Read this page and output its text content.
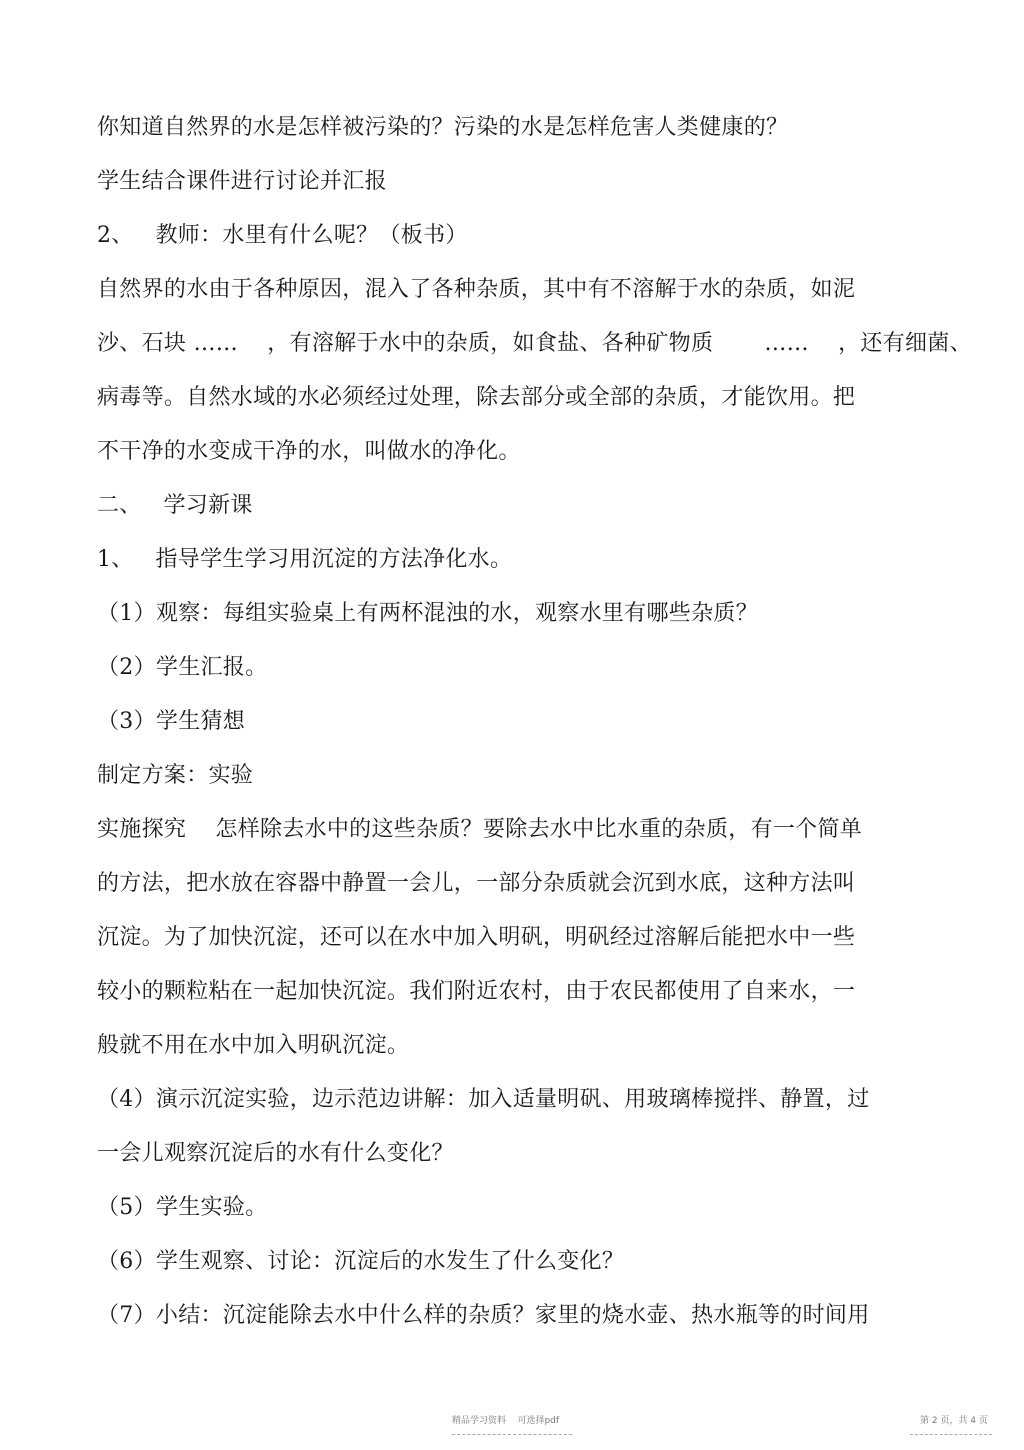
你知道自然界的水是怎样被污染的？污染的水是怎样危害人类健康的？
学生结合课件进行讨论并汇报
2、   教师：水里有什么呢？（板书）
自然界的水由于各种原因，混入了各种杂质，其中有不溶解于水的杂质，如泥
沙、石块 ……    ，有溶解于水中的杂质，如食盐、各种矿物质       ……    ，还有细菌、
病毒等。自然水域的水必须经过处理，除去部分或全部的杂质，才能饮用。把
不干净的水变成干净的水，叫做水的净化。
二、   学习新课
1、   指导学生学习用沉淀的方法净化水。
（1）观察：每组实验桌上有两杯混浊的水，观察水里有哪些杂质？
（2）学生汇报。
（3）学生猜想
制定方案：实验
实施探究    怎样除去水中的这些杂质？要除去水中比水重的杂质，有一个简单
的方法，把水放在容器中静置一会儿，一部分杂质就会沉到水底，这种方法叫
沉淀。为了加快沉淀，还可以在水中加入明矾，明矾经过溶解后能把水中一些
较小的颗粒粘在一起加快沉淀。我们附近农村，由于农民都使用了自来水，一
般就不用在水中加入明矾沉淀。
（4）演示沉淀实验，边示范边讲解：加入适量明矾、用玻璃棒搅拌、静置，过
一会儿观察沉淀后的水有什么变化？
（5）学生实验。
（6）学生观察、讨论：沉淀后的水发生了什么变化？
（7）小结：沉淀能除去水中什么样的杂质？家里的烧水壶、热水瓶等的时间用
精品学习资料    可选择pdf	第 2 页，共 4 页
